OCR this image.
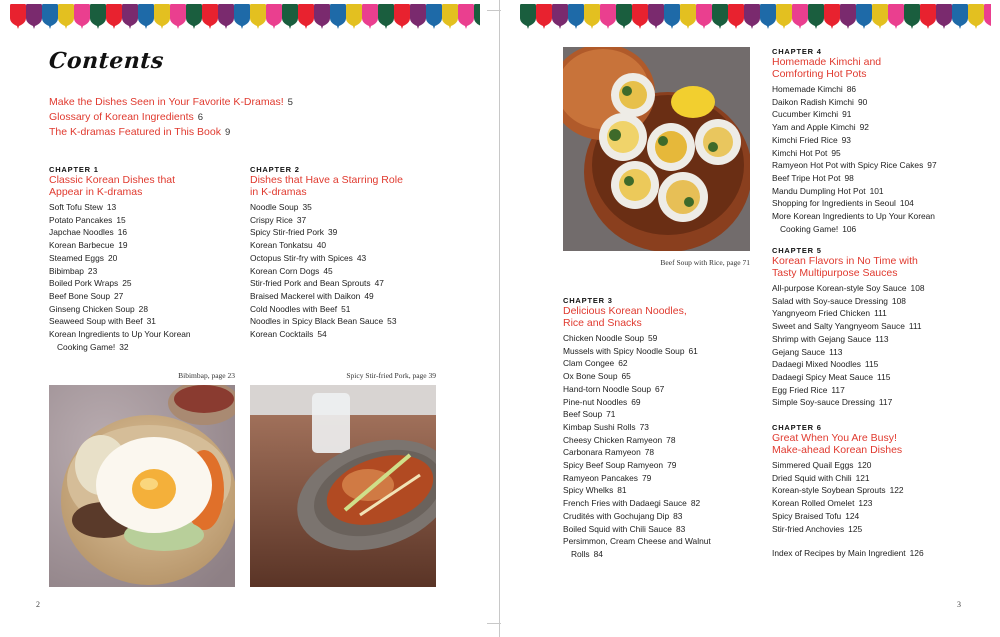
Contents
Make the Dishes Seen in Your Favorite K-Dramas! 5
Glossary of Korean Ingredients 6
The K-dramas Featured in This Book 9
CHAPTER 1
Classic Korean Dishes that
Appear in K-dramas
Soft Tofu Stew 13
Potato Pancakes 15
Japchae Noodles 16
Korean Barbecue 19
Steamed Eggs 20
Bibimbap 23
Boiled Pork Wraps 25
Beef Bone Soup 27
Ginseng Chicken Soup 28
Seaweed Soup with Beef 31
Korean Ingredients to Up Your Korean
Cooking Game! 32
CHAPTER 2
Dishes that Have a Starring Role
in K-dramas
Noodle Soup 35
Crispy Rice 37
Spicy Stir-fried Pork 39
Korean Tonkatsu 40
Octopus Stir-fry with Spices 43
Korean Corn Dogs 45
Stir-fried Pork and Bean Sprouts 47
Braised Mackerel with Daikon 49
Cold Noodles with Beef 51
Noodles in Spicy Black Bean Sauce 53
Korean Cocktails 54
Bibimbap, page 23	Spicy Stir-fried Pork, page 39
2
Beef Soup with Rice, page 71
CHAPTER 3
Delicious Korean Noodles,
Rice and Snacks
Chicken Noodle Soup 59
Mussels with Spicy Noodle Soup 61
Clam Congee 62
Ox Bone Soup 65
Hand-torn Noodle Soup 67
Pine-nut Noodles 69
Beef Soup 71
Kimbap Sushi Rolls 73
Cheesy Chicken Ramyeon 78
Carbonara Ramyeon 78
Spicy Beef Soup Ramyeon 79
Ramyeon Pancakes 79
Spicy Whelks 81
French Fries with Dadaegi Sauce 82
Crudités with Gochujang Dip 83
Boiled Squid with Chili Sauce 83
Persimmon, Cream Cheese and Walnut
Rolls 84
CHAPTER 4
Homemade Kimchi and
Comforting Hot Pots
Homemade Kimchi 86
Daikon Radish Kimchi 90
Cucumber Kimchi 91
Yam and Apple Kimchi 92
Kimchi Fried Rice 93
Kimchi Hot Pot 95
Ramyeon Hot Pot with Spicy Rice Cakes 97
Beef Tripe Hot Pot 98
Mandu Dumpling Hot Pot 101
Shopping for Ingredients in Seoul 104
More Korean Ingredients to Up Your Korean
Cooking Game! 106
CHAPTER 5
Korean Flavors in No Time with
Tasty Multipurpose Sauces
All-purpose Korean-style Soy Sauce 108
Salad with Soy-sauce Dressing 108
Yangnyeom Fried Chicken 111
Sweet and Salty Yangnyeom Sauce 111
Shrimp with Gejang Sauce 113
Gejang Sauce 113
Dadaegi Mixed Noodles 115
Dadaegi Spicy Meat Sauce 115
Egg Fried Rice 117
Simple Soy-sauce Dressing 117
CHAPTER 6
Great When You Are Busy!
Make-ahead Korean Dishes
Simmered Quail Eggs 120
Dried Squid with Chili 121
Korean-style Soybean Sprouts 122
Korean Rolled Omelet 123
Spicy Braised Tofu 124
Stir-fried Anchovies 125
Index of Recipes by Main Ingredient 126
3
